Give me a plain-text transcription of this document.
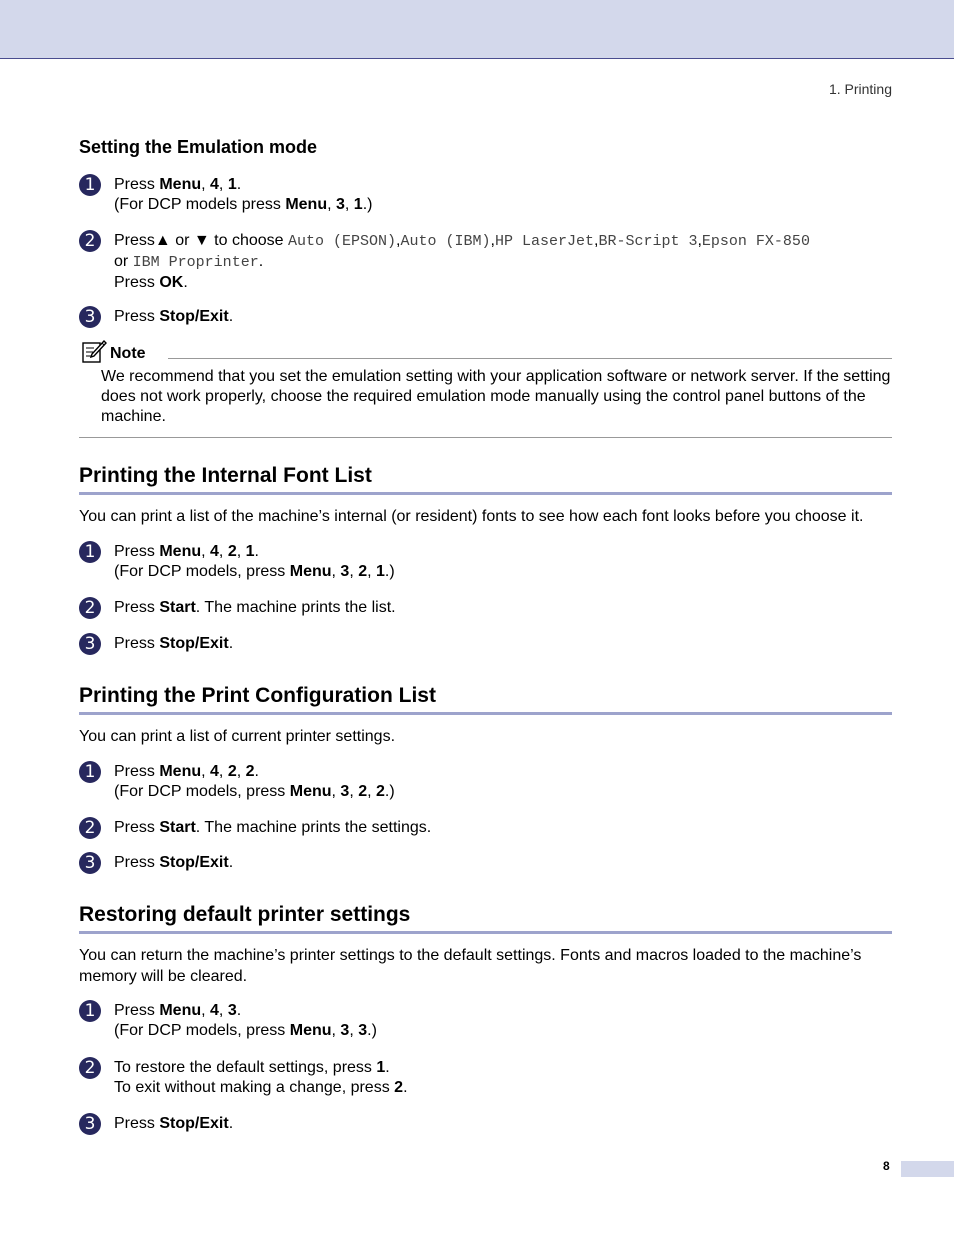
1. Printing
Setting the Emulation mode
1	Press Menu, 4, 1.
(For DCP models press Menu, 3, 1.)
2	Press▲ or ▼ to choose Auto (EPSON),Auto (IBM),HP LaserJet,BR-Script 3,Epson FX-850
or IBM Proprinter.
Press OK.
3	Press Stop/Exit.
Note

We recommend that you set the emulation setting with your application software or network server. If the setting does not work properly, choose the required emulation mode manually using the control panel buttons of the machine.

Printing the Internal Font List

You can print a list of the machine’s internal (or resident) fonts to see how each font looks before you choose it.

1	Press Menu, 4, 2, 1.
(For DCP models, press Menu, 3, 2, 1.)
2	Press Start. The machine prints the list.
3	Press Stop/Exit.
Printing the Print Configuration List

You can print a list of current printer settings.

1	Press Menu, 4, 2, 2.
(For DCP models, press Menu, 3, 2, 2.)
2	Press Start. The machine prints the settings.
3	Press Stop/Exit.
Restoring default printer settings

You can return the machine’s printer settings to the default settings. Fonts and macros loaded to the machine’s memory will be cleared.

1	Press Menu, 4, 3.
(For DCP models, press Menu, 3, 3.)
2	To restore the default settings, press 1.
To exit without making a change, press 2.
3	Press Stop/Exit.
8
